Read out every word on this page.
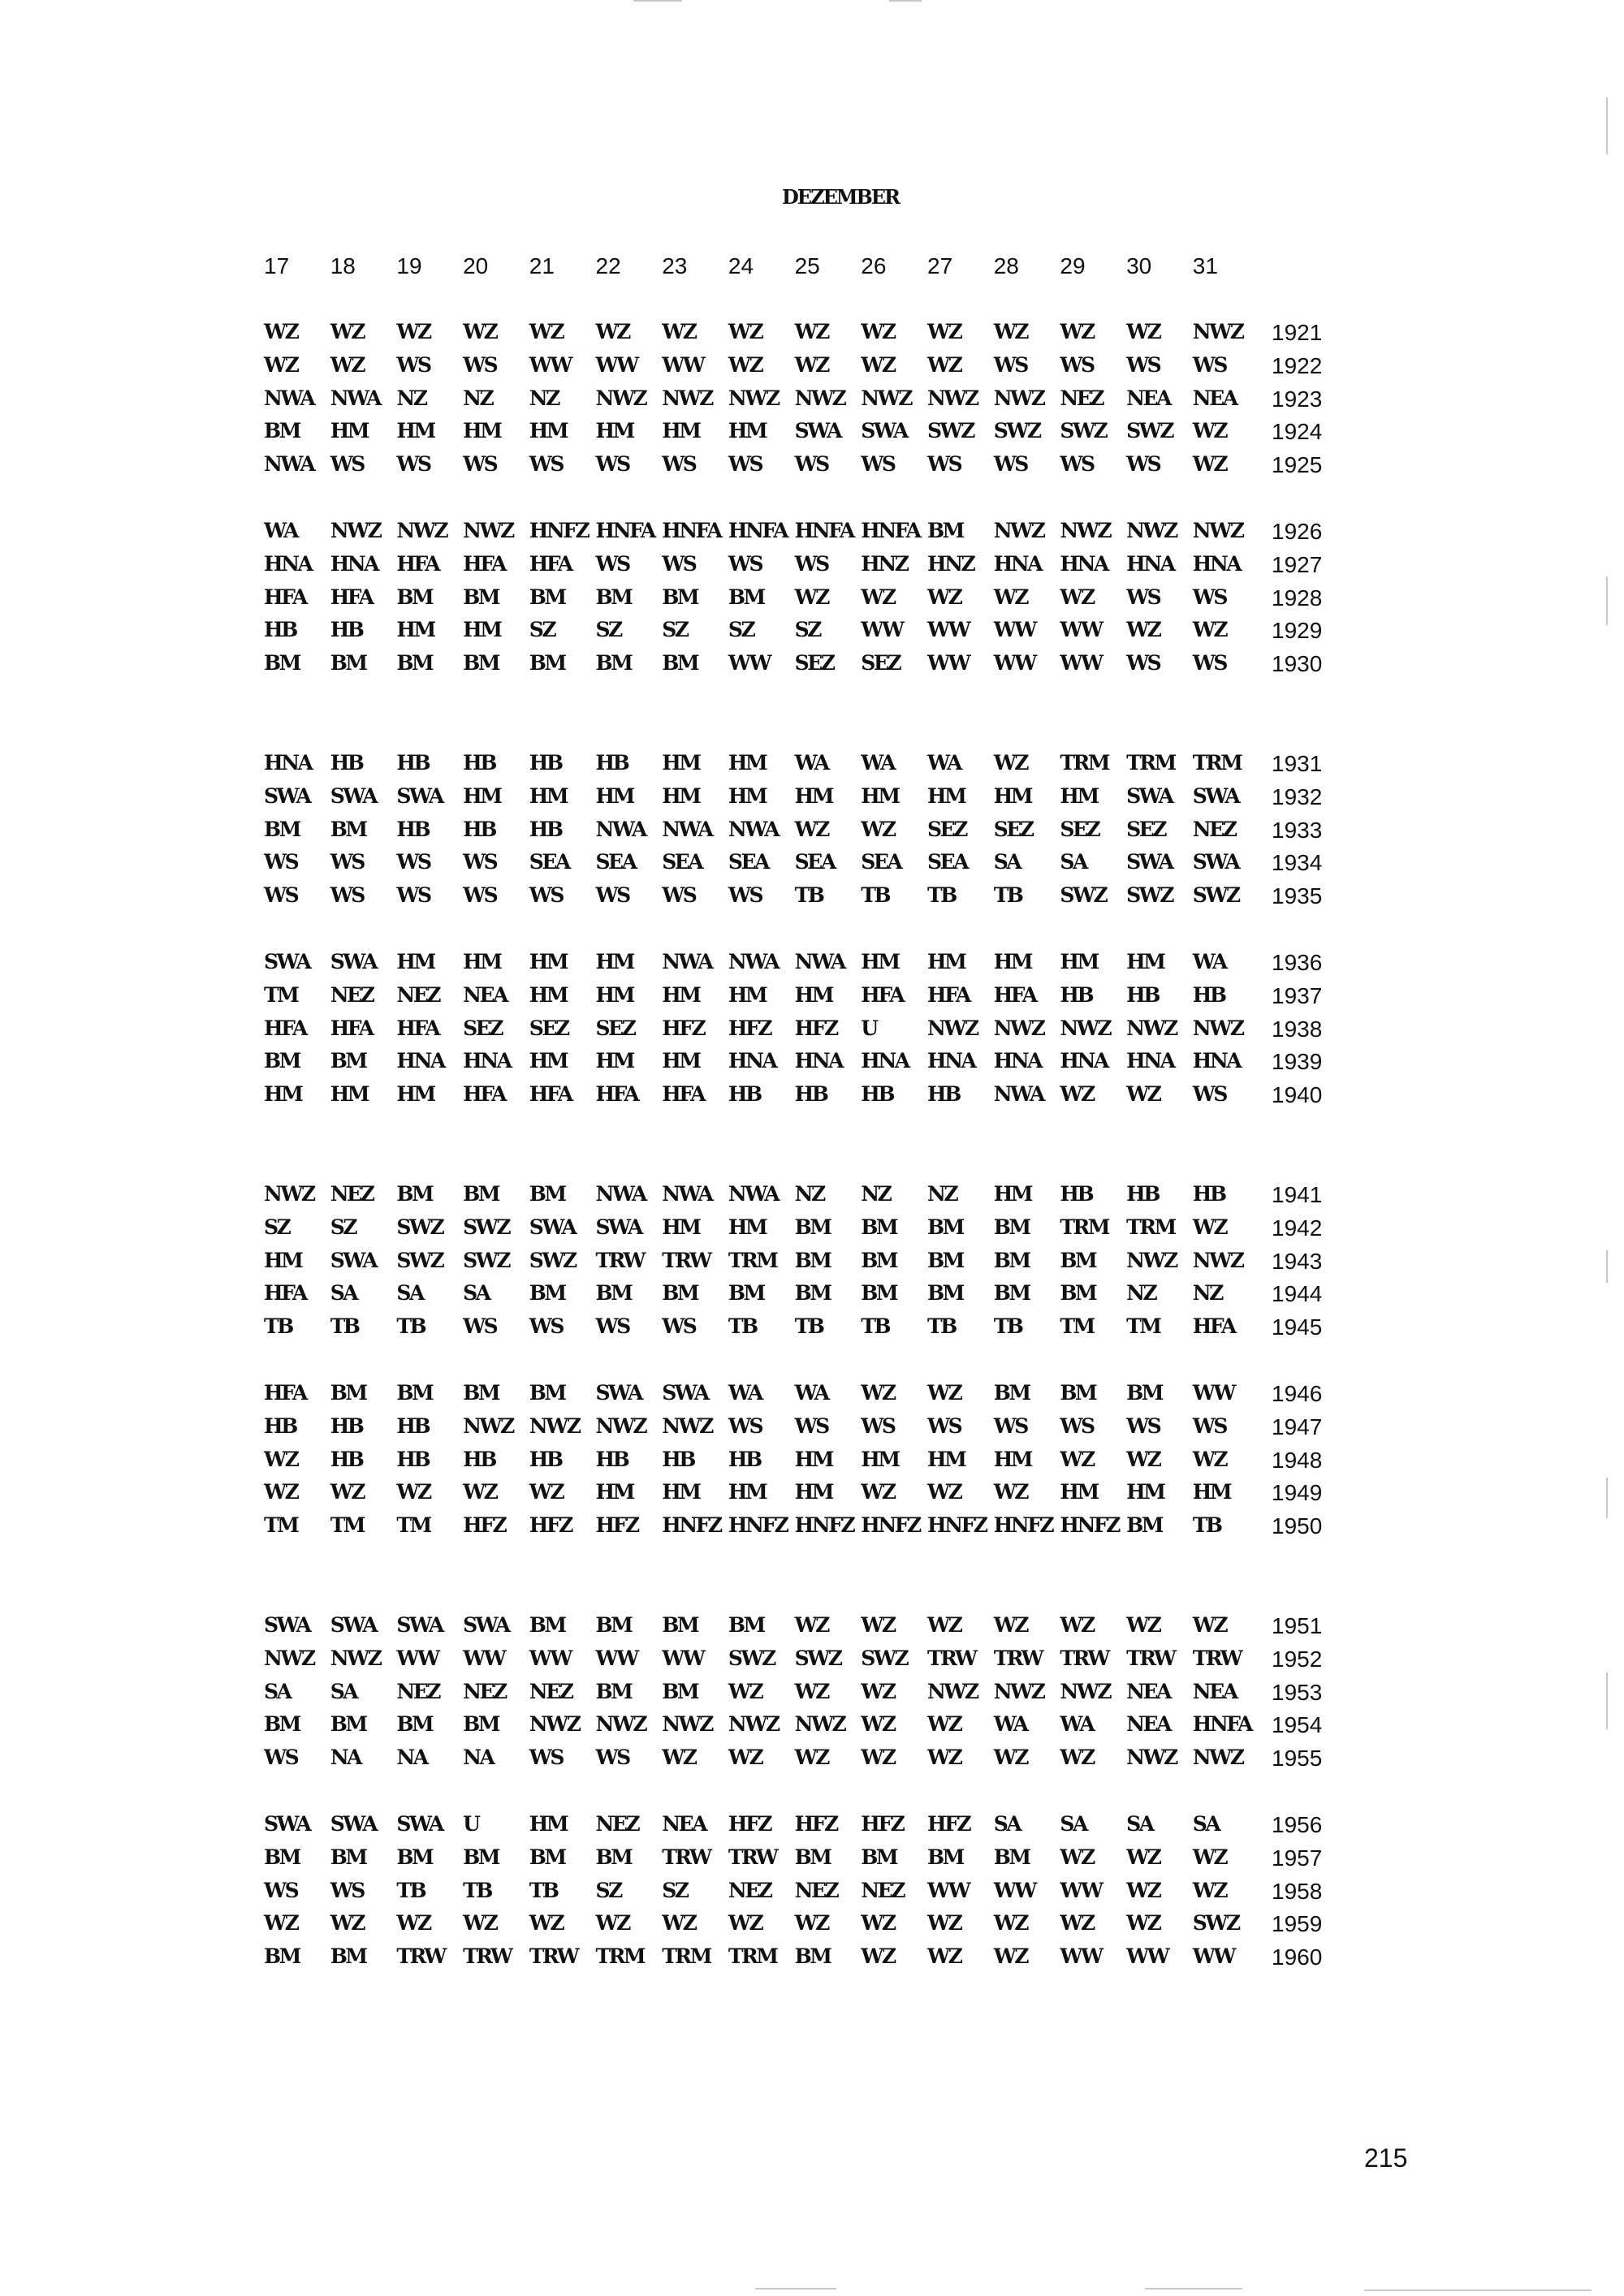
DEZEMBER
17	18	19	20	21	22	23	24	25	26	27	28	29	30	31
WZ	WZ	WZ	WZ	WZ	WZ	WZ	WZ	WZ	WZ	WZ	WZ	WZ	WZ	NWZ	1921
WZ	WZ	WS	WS	WW	WW	WW	WZ	WZ	WZ	WZ	WS	WS	WS	WS	1922
NWA NWA NZ	NZ	NZ	NWZ NWZ NWZ NWZ NWZ NWZ NWZ NEZ	NEA	NEA	1923
BM	HM	HM	HM	HM	HM	HM	HM	SWA	SWA	SWZ SWZ SWZ SWZ WZ	1924
NWA WS	WS	WS	WS	WS	WS	WS	WS	WS	WS	WS	WS	WS	WZ	1925
WA	NWZ NWZ NWZ HNFZ HNFA HNFA HNFA HNFA HNFA BM	NWZ NWZ NWZ NWZ	1926
HNA HNA HFA	HFA	HFA	WS	WS	WS	WS	HNZ HNZ HNA HNA HNA HNA	1927
HFA	HFA	BM	BM	BM	BM	BM	BM	WZ	WZ	WZ	WZ	WZ	WS	WS	1928
HB	HB	HM	HM	SZ	SZ	SZ	SZ	SZ	WW	WW	WW	WW	WZ	WZ	1929
BM	BM	BM	BM	BM	BM	BM	WW	SEZ	SEZ	WW	WW	WW	WS	WS	1930
HNA HB	HB	HB	HB	HB	HM	HM	WA	WA	WA	WZ	TRM TRM TRM	1931
SWA	SWA	SWA	HM	HM	HM	HM	HM	HM	HM	HM	HM	HM	SWA	SWA	1932
BM	BM	HB	HB	HB	NWA NWA NWA WZ	WZ	SEZ	SEZ	SEZ	SEZ	NEZ	1933
WS	WS	WS	WS	SEA	SEA	SEA	SEA	SEA	SEA	SEA	SA	SA	SWA	SWA	1934
WS	WS	WS	WS	WS	WS	WS	WS	TB	TB	TB	TB	SWZ SWZ SWZ	1935
SWA	SWA	HM	HM	HM	HM	NWA NWA NWA HM	HM	HM	HM	HM	WA	1936
TM	NEZ	NEZ	NEA	HM	HM	HM	HM	HM	HFA	HFA	HFA	HB	HB	HB	1937
HFA	HFA	HFA	SEZ	SEZ	SEZ	HFZ	HFZ	HFZ	U	NWZ NWZ NWZ NWZ NWZ	1938
BM	BM	HNA HNA HM	HM	HM	HNA HNA HNA HNA HNA HNA HNA HNA	1939
HM	HM	HM	HFA	HFA	HFA	HFA	HB	HB	HB	HB	NWA WZ	WZ	WS	1940
NWZ NEZ	BM	BM	BM	NWA NWA NWA NZ	NZ	NZ	HM	HB	HB	HB	1941
SZ	SZ	SWZ SWZ SWA	SWA	HM	HM	BM	BM	BM	BM	TRM TRM WZ	1942
HM	SWA	SWZ SWZ SWZ TRW TRW TRM BM	BM	BM	BM	BM	NWZ NWZ	1943
HFA	SA	SA	SA	BM	BM	BM	BM	BM	BM	BM	BM	BM	NZ	NZ	1944
TB	TB	TB	WS	WS	WS	WS	TB	TB	TB	TB	TB	TM	TM	HFA	1945
HFA	BM	BM	BM	BM	SWA	SWA	WA	WA	WZ	WZ	BM	BM	BM	WW	1946
HB	HB	HB	NWZ NWZ NWZ NWZ WS	WS	WS	WS	WS	WS	WS	WS	1947
WZ	HB	HB	HB	HB	HB	HB	HB	HM	HM	HM	HM	WZ	WZ	WZ	1948
WZ	WZ	WZ	WZ	WZ	HM	HM	HM	HM	WZ	WZ	WZ	HM	HM	HM	1949
TM	TM	TM	HFZ	HFZ	HFZ	HNFZ HNFZ HNFZ HNFZ HNFZ HNFZ HNFZ BM	TB	1950
SWA	SWA	SWA	SWA	BM	BM	BM	BM	WZ	WZ	WZ	WZ	WZ	WZ	WZ	1951
NWZ NWZ WW	WW	WW	WW	WW	SWZ SWZ SWZ TRW TRW TRW TRW TRW	1952
SA	SA	NEZ	NEZ	NEZ	BM	BM	WZ	WZ	WZ	NWZ NWZ NWZ NEA	NEA	1953
BM	BM	BM	BM	NWZ NWZ NWZ NWZ NWZ WZ	WZ	WA	WA	NEA	HNFA 1954
WS	NA	NA	NA	WS	WS	WZ	WZ	WZ	WZ	WZ	WZ	WZ	NWZ NWZ	1955
SWA	SWA	SWA	U	HM	NEZ	NEA	HFZ	HFZ	HFZ	HFZ	SA	SA	SA	SA	1956
BM	BM	BM	BM	BM	BM	TRW TRW BM	BM	BM	BM	WZ	WZ	WZ	1957
WS	WS	TB	TB	TB	SZ	SZ	NEZ	NEZ	NEZ	WW	WW	WW	WZ	WZ	1958
WZ	WZ	WZ	WZ	WZ	WZ	WZ	WZ	WZ	WZ	WZ	WZ	WZ	WZ	SWZ	1959
BM	BM	TRW TRW TRW TRM TRM TRM BM	WZ	WZ	WZ	WW	WW	WW	1960
215
